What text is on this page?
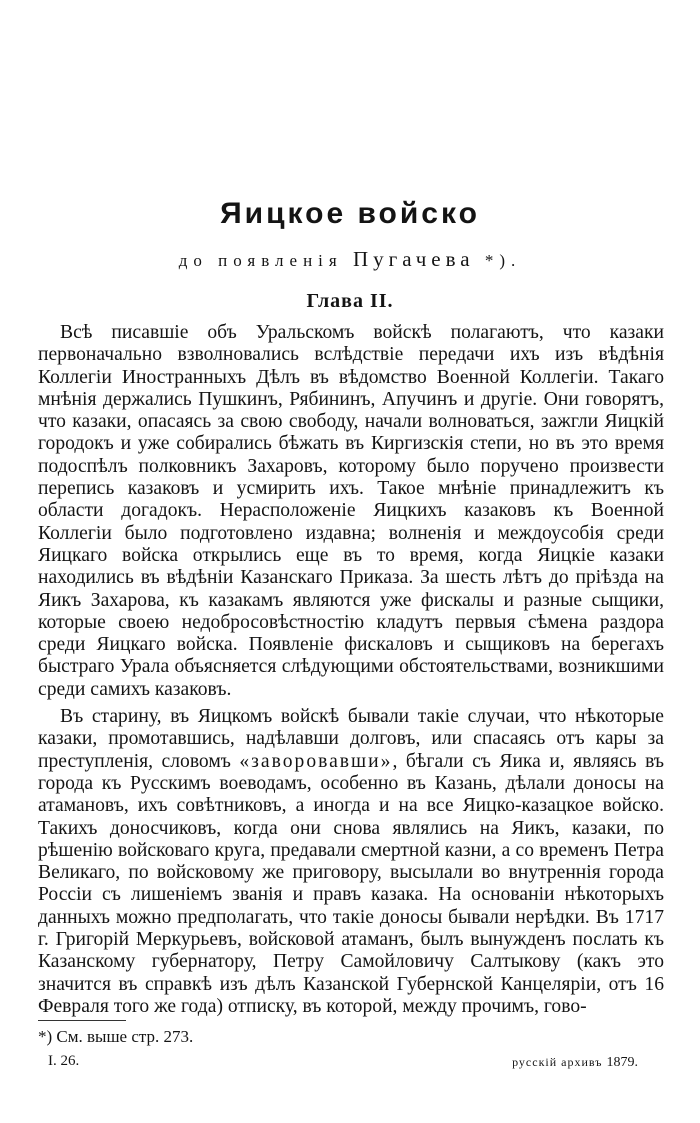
Яицкое войско
до появленія Пугачева *).
Глава II.

Всѣ писавшіе объ Уральскомъ войскѣ полагаютъ, что казаки первоначально взволновались вслѣдствіе передачи ихъ изъ вѣдѣнія Коллегіи Иностранныхъ Дѣлъ въ вѣдомство Военной Коллегіи. Такаго мнѣнія держались Пушкинъ, Рябининъ, Апучинъ и другіе. Они говорятъ, что казаки, опасаясь за свою свободу, начали волноваться, зажгли Яицкій городокъ и уже собирались бѣжать въ Киргизскія степи, но въ это время подоспѣлъ полковникъ Захаровъ, которому было поручено произвести перепись казаковъ и усмирить ихъ. Такое мнѣніе принадлежитъ къ области догадокъ. Нерасположеніе Яицкихъ казаковъ къ Военной Коллегіи было подготовлено издавна; волненія и междоусобія среди Яицкаго войска открылись еще въ то время, когда Яицкіе казаки находились въ вѣдѣніи Казанскаго Приказа. За шесть лѣтъ до пріѣзда на Яикъ Захарова, къ казакамъ являются уже фискалы и разные сыщики, которые своею недобросовѣстностію кладутъ первыя сѣмена раздора среди Яицкаго войска. Появленіе фискаловъ и сыщиковъ на берегахъ быстраго Урала объясняется слѣдующими обстоятельствами, возникшими среди самихъ казаковъ.

Въ старину, въ Яицкомъ войскѣ бывали такіе случаи, что нѣкоторые казаки, промотавшись, надѣлавши долговъ, или спасаясь отъ кары за преступленія, словомъ «заворовавши», бѣгали съ Яика и, являясь въ города къ Русскимъ воеводамъ, особенно въ Казань, дѣлали доносы на атамановъ, ихъ совѣтниковъ, а иногда и на все Яицко-казацкое войско. Такихъ доносчиковъ, когда они снова являлись на Яикъ, казаки, по рѣшенію войсковаго круга, предавали смертной казни, а со временъ Петра Великаго, по войсковому же приговору, высылали во внутреннія города Россіи съ лишеніемъ званія и правъ казака. На основаніи нѣкоторыхъ данныхъ можно предполагать, что такіе доносы бывали нерѣдки. Въ 1717 г. Григорій Меркурьевъ, войсковой атаманъ, былъ вынужденъ послать къ Казанскому губернатору, Петру Самойловичу Салтыкову (какъ это значится въ справкѣ изъ дѣлъ Казанской Губернской Канцеляріи, отъ 16 Февраля того же года) отписку, въ которой, между прочимъ, гово-

*) См. выше стр. 273.

I. 26.	русскій архивъ 1879.
